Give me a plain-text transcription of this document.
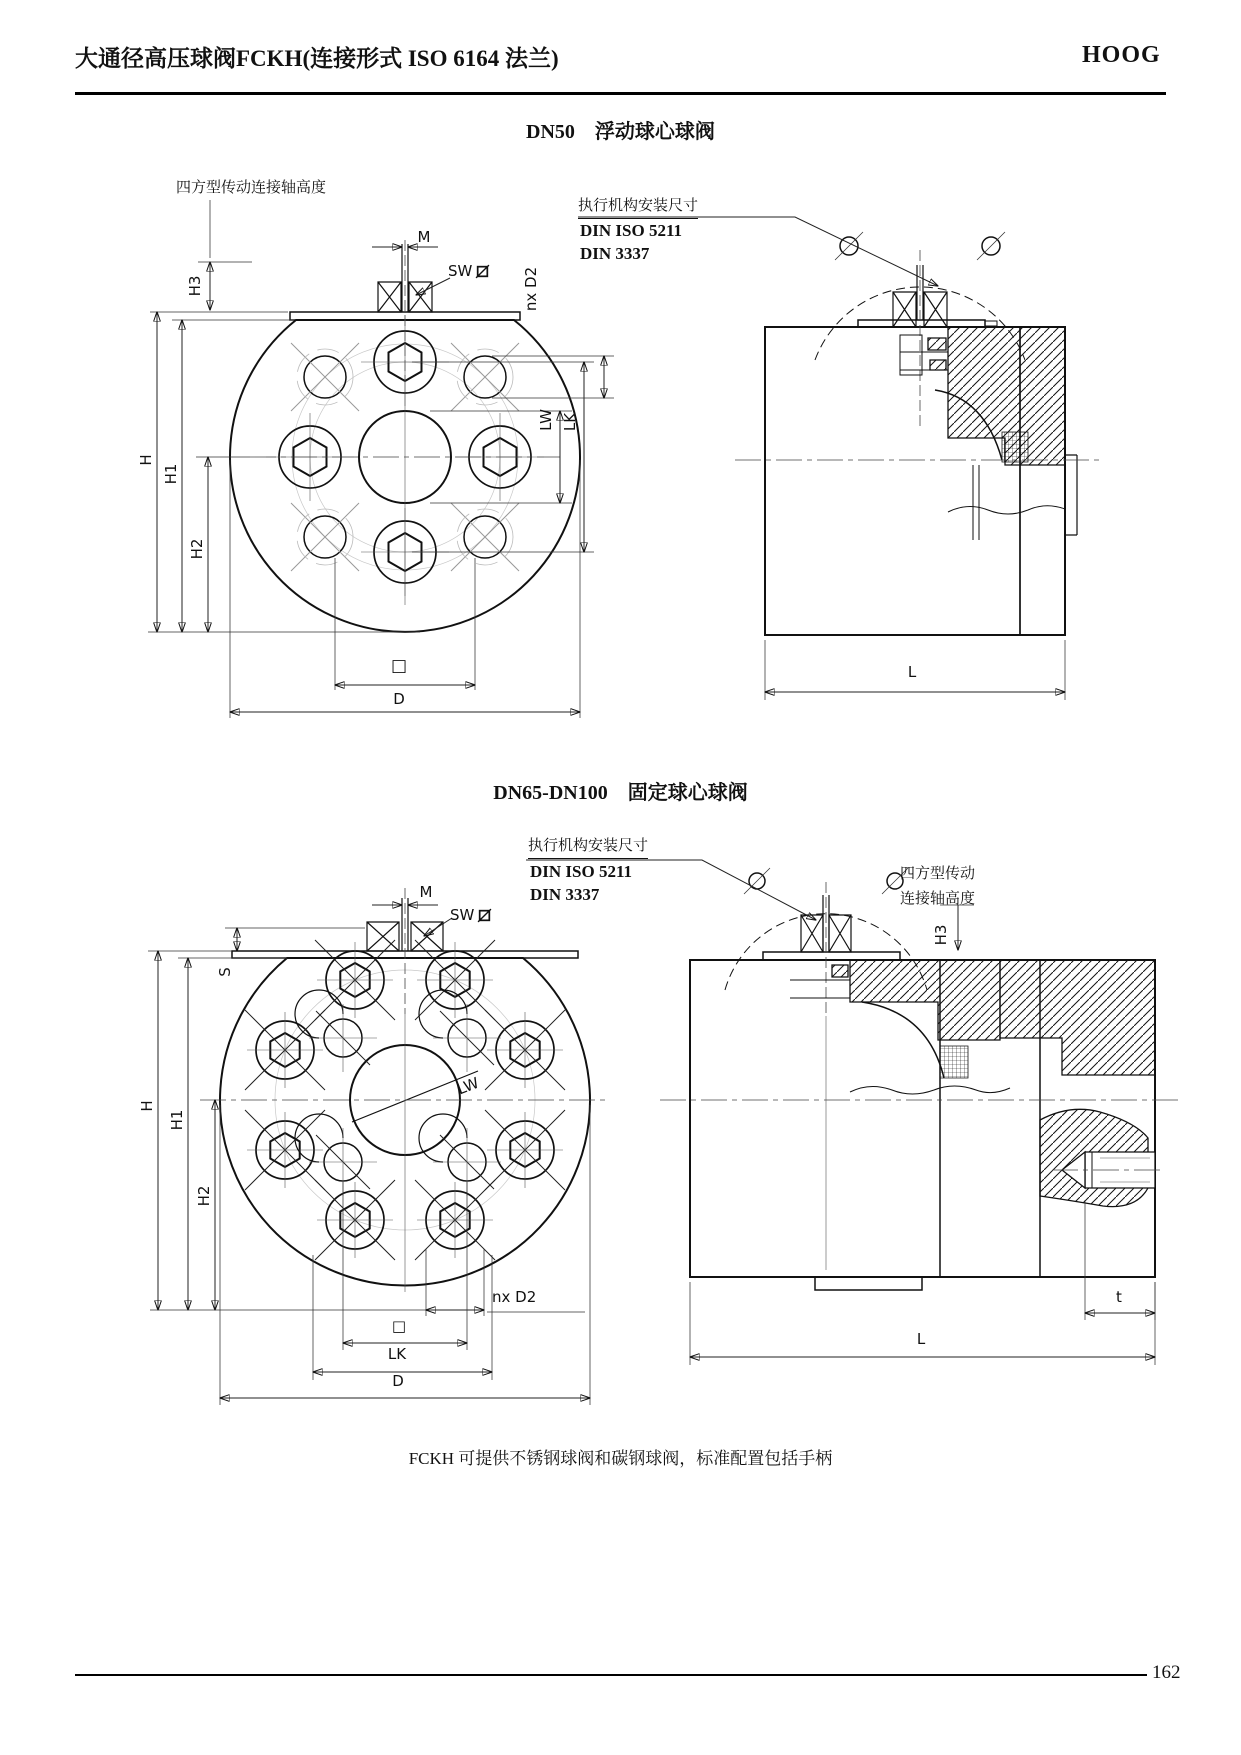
大通径高压球阀FCKH(连接形式 ISO 6164 法兰)	HOOG
DN50　浮动球心球阀
DN65-DN100　固定球心球阀
四方型传动连接轴高度
H3
M
SW	nx D2
H
H1
H2
LW LK
□
D
执行机构安装尺寸
DIN ISO 5211
DIN 3337
L
M
SW
S
H
H1
H2
LW
nx D2
□
LK
D
执行机构安装尺寸
DIN ISO 5211
DIN 3337
四方型传动
连接轴高度
H3
t
L
FCKH 可提供不锈钢球阀和碳钢球阀，标准配置包括手柄
162
